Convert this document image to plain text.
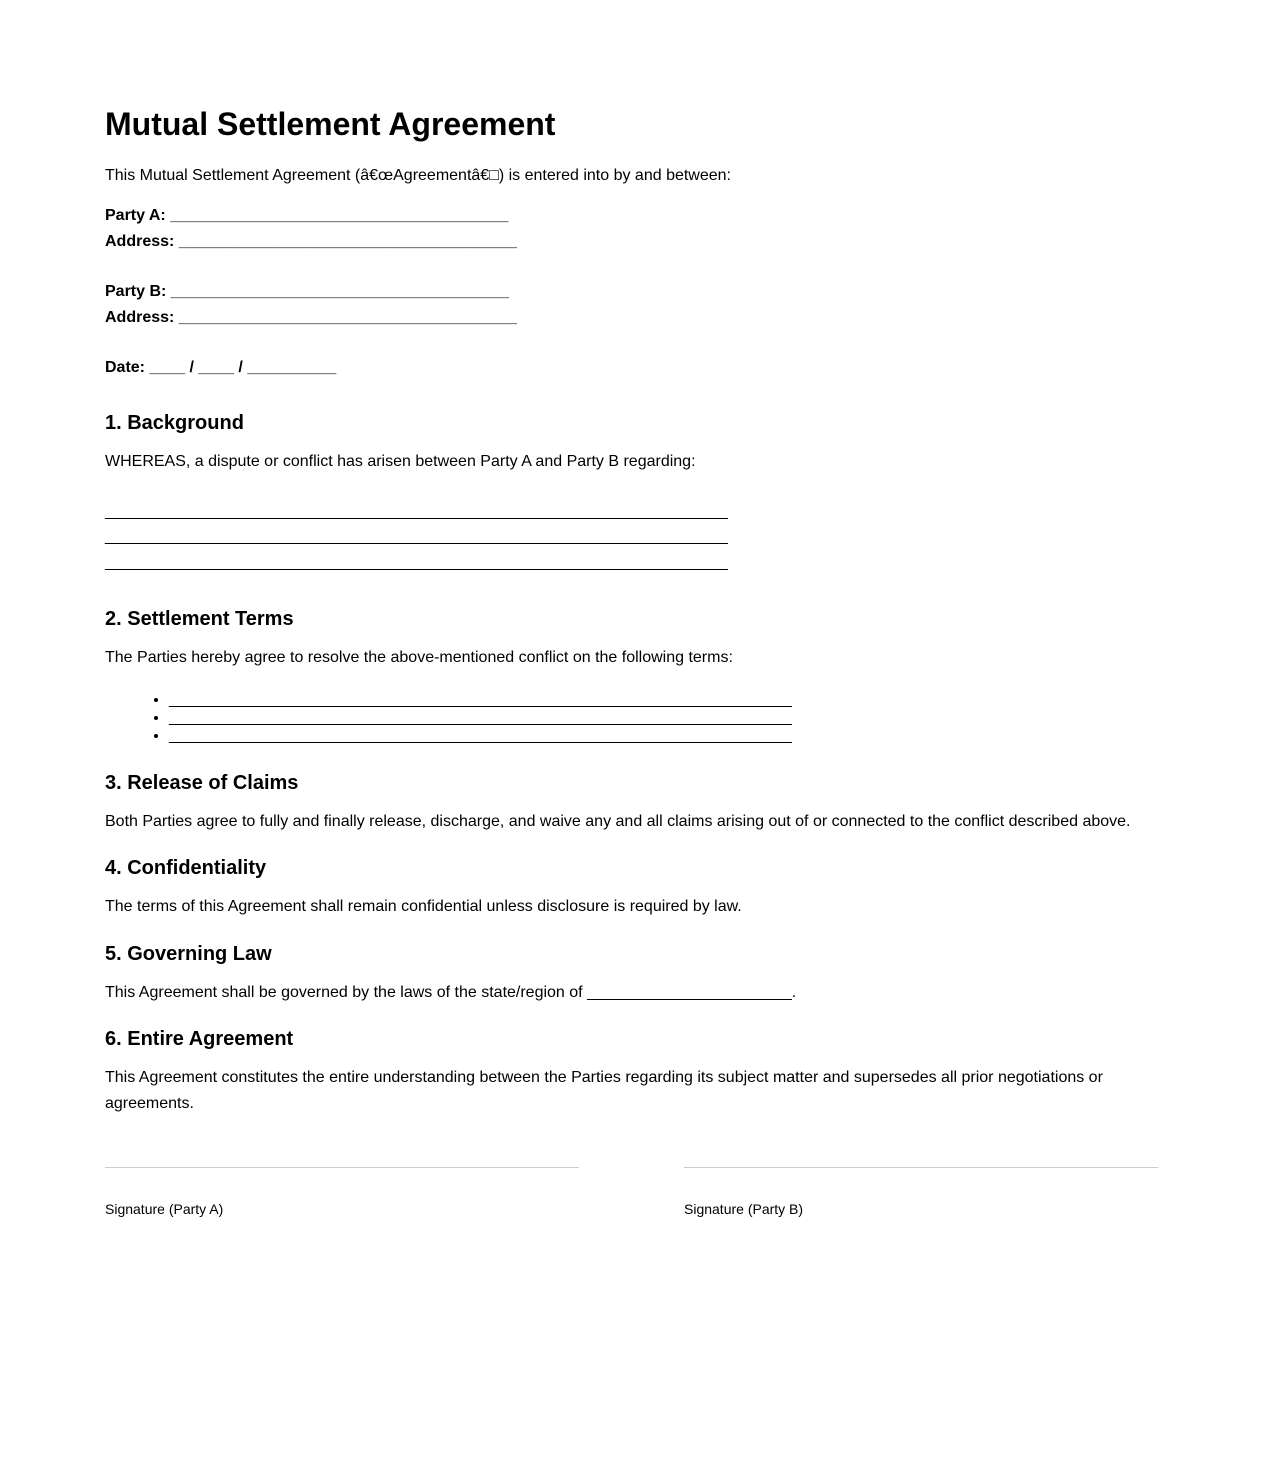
Mutual Settlement Agreement

This Mutual Settlement Agreement (â€œAgreementâ€□) is entered into by and between:

Party A: ______________________________________
Address: ______________________________________
Party B: ______________________________________
Address: ______________________________________
Date: ____ / ____ / __________
1. Background

WHEREAS, a dispute or conflict has arisen between Party A and Party B regarding:

______________________________________________________________________
______________________________________________________________________
______________________________________________________________________
2. Settlement Terms

The Parties hereby agree to resolve the above-mentioned conflict on the following terms:

• ______________________________________________________________________
• ______________________________________________________________________
• ______________________________________________________________________
3. Release of Claims

Both Parties agree to fully and finally release, discharge, and waive any and all claims arising out of or connected to the conflict described above.

4. Confidentiality

The terms of this Agreement shall remain confidential unless disclosure is required by law.

5. Governing Law

This Agreement shall be governed by the laws of the state/region of _______________________.

6. Entire Agreement

This Agreement constitutes the entire understanding between the Parties regarding its subject matter and supersedes all prior negotiations or agreements.

Signature (Party A)	Signature (Party B)
